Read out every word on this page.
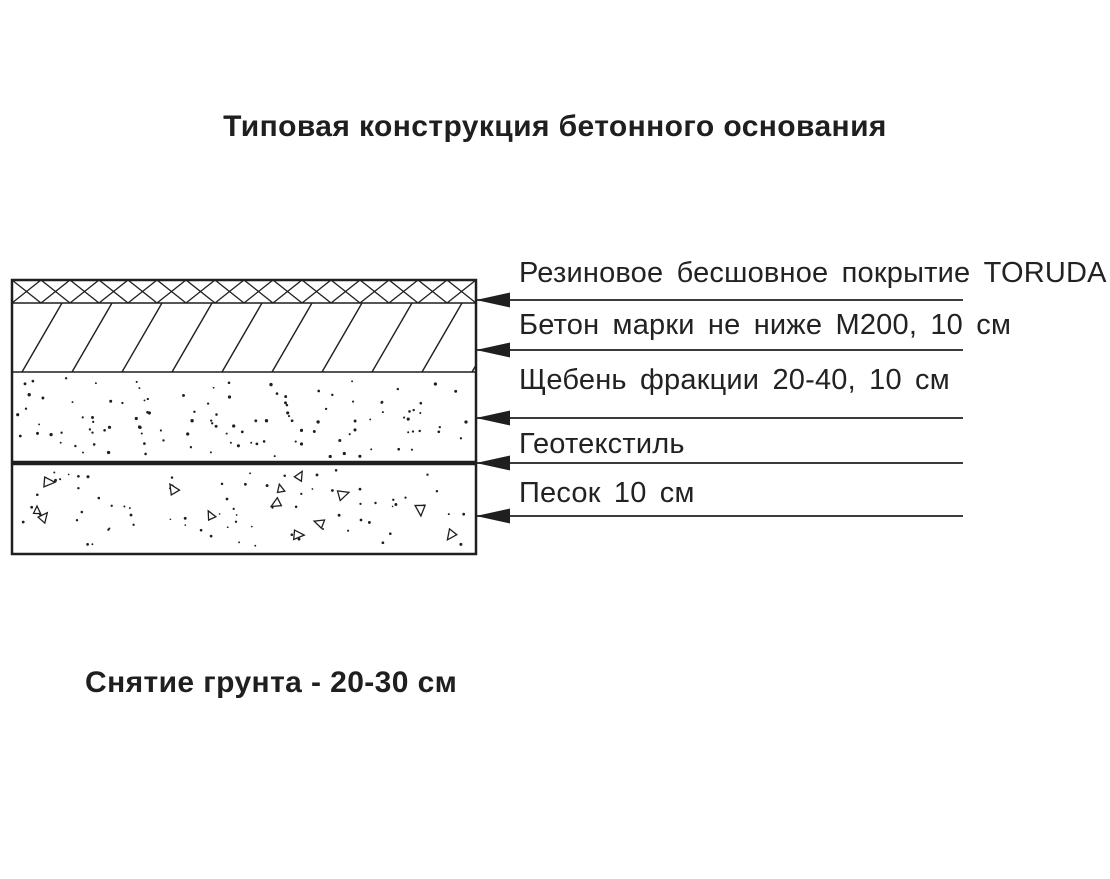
Типовая конструкция бетонного основания
Резиновое бесшовное покрытие TORUDA
Бетон марки не ниже М200, 10 см
Щебень фракции 20-40, 10 см
Геотекстиль
Песок 10 см
Снятие грунта - 20-30 см
